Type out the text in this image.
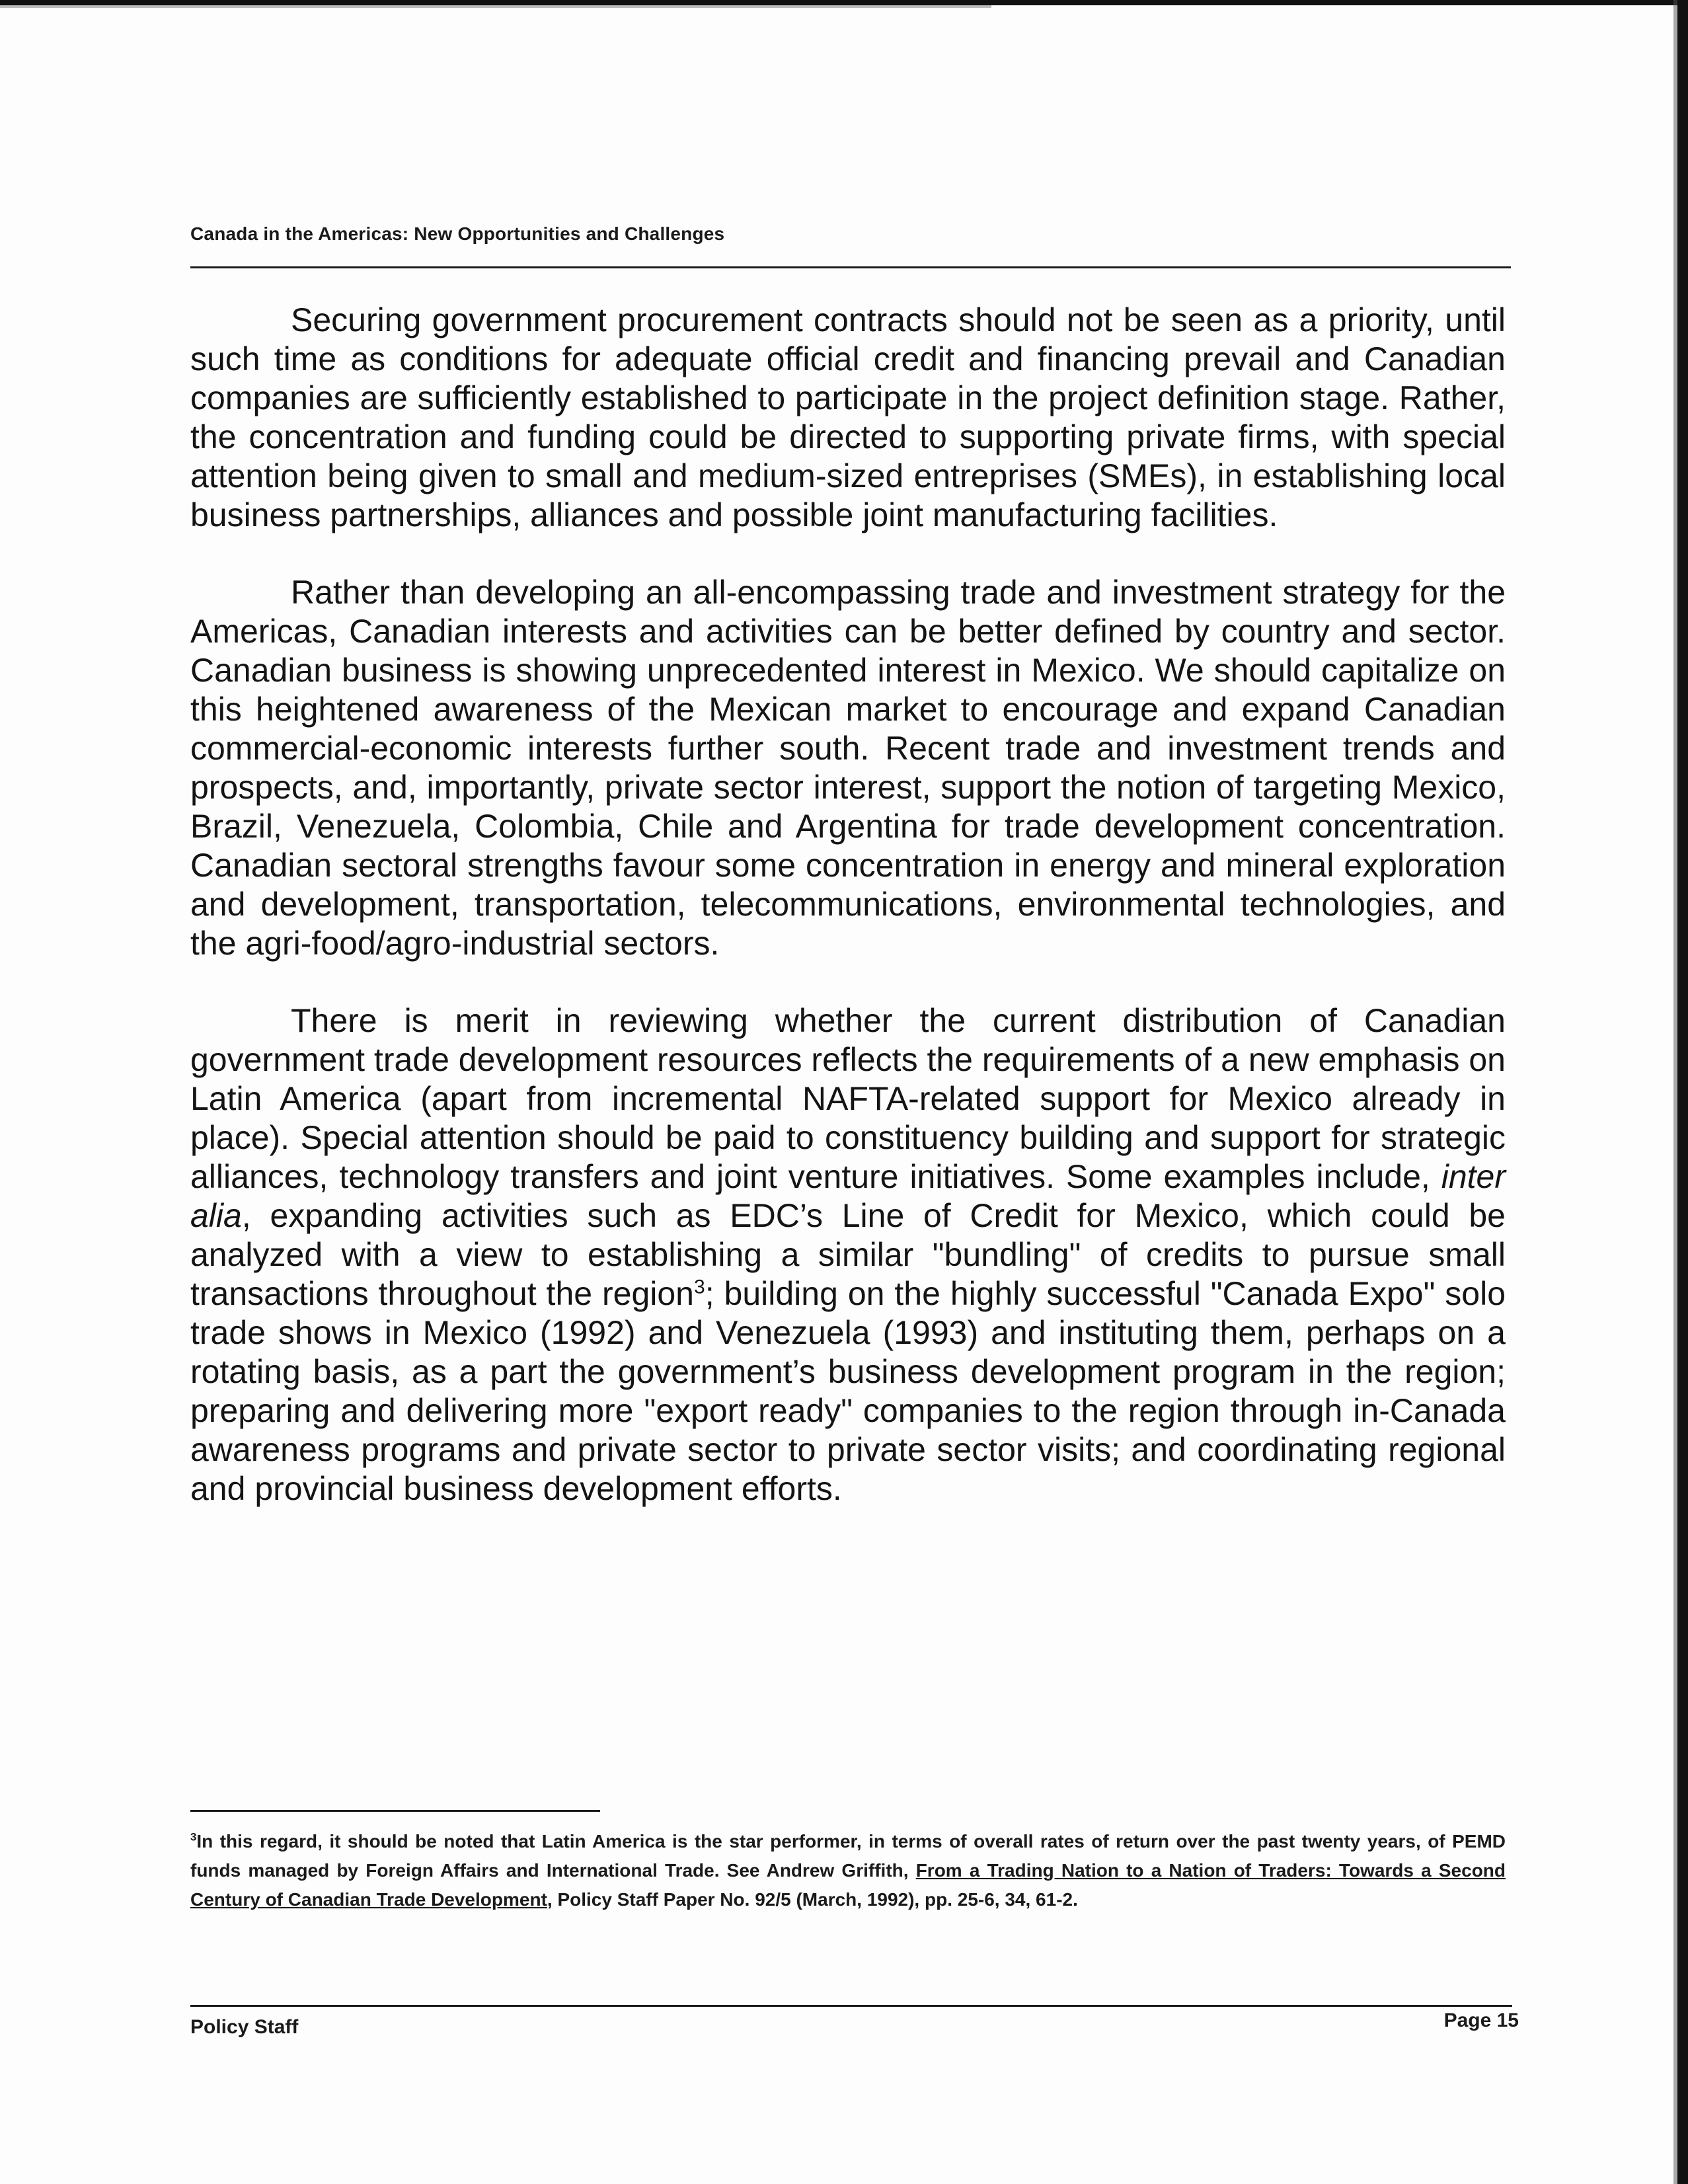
Canada in the Americas: New Opportunities and Challenges

Securing government procurement contracts should not be seen as a priority, until such time as conditions for adequate official credit and financing prevail and Canadian companies are sufficiently established to participate in the project definition stage. Rather, the concentration and funding could be directed to supporting private firms, with special attention being given to small and medium-sized entreprises (SMEs), in establishing local business partnerships, alliances and possible joint manufacturing facilities.

Rather than developing an all-encompassing trade and investment strategy for the Americas, Canadian interests and activities can be better defined by country and sector. Canadian business is showing unprecedented interest in Mexico. We should capitalize on this heightened awareness of the Mexican market to encourage and expand Canadian commercial-economic interests further south. Recent trade and investment trends and prospects, and, importantly, private sector interest, support the notion of targeting Mexico, Brazil, Venezuela, Colombia, Chile and Argentina for trade development concentration. Canadian sectoral strengths favour some concentration in energy and mineral exploration and development, transportation, telecommunications, environmental technologies, and the agri-food/agro-industrial sectors.

There is merit in reviewing whether the current distribution of Canadian government trade development resources reflects the requirements of a new emphasis on Latin America (apart from incremental NAFTA-related support for Mexico already in place). Special attention should be paid to constituency building and support for strategic alliances, technology transfers and joint venture initiatives. Some examples include, inter alia, expanding activities such as EDC’s Line of Credit for Mexico, which could be analyzed with a view to establishing a similar "bundling" of credits to pursue small transactions throughout the region$^3$; building on the highly successful "Canada Expo" solo trade shows in Mexico (1992) and Venezuela (1993) and instituting them, perhaps on a rotating basis, as a part the government’s business development program in the region; preparing and delivering more "export ready" companies to the region through in-Canada awareness programs and private sector to private sector visits; and coordinating regional and provincial business development efforts.

$^3$In this regard, it should be noted that Latin America is the star performer, in terms of overall rates of return over the past twenty years, of PEMD funds managed by Foreign Affairs and International Trade. See Andrew Griffith, From a Trading Nation to a Nation of Traders: Towards a Second Century of Canadian Trade Development, Policy Staff Paper No. 92/5 (March, 1992), pp. 25-6, 34, 61-2.
Policy Staff	Page 15
